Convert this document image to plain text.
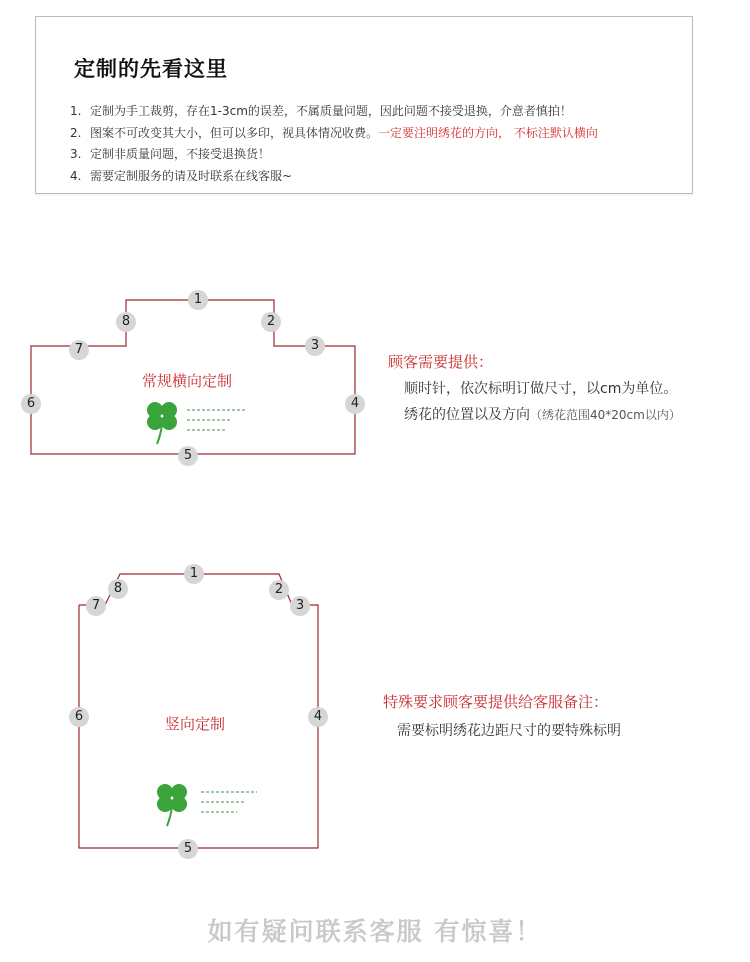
定制的先看这里
1. 定制为手工裁剪，存在1-3cm的误差，不属质量问题，因此问题不接受退换，介意者慎拍！
2. 图案不可改变其大小，但可以多印，视具体情况收费。一定要注明绣花的方向， 不标注默认横向
3. 定制非质量问题，不接受退换货！
4. 需要定制服务的请及时联系在线客服~
1
2
3
4
5
6
7
8
常规横向定制
顾客需要提供：
顺时针，依次标明订做尺寸，以cm为单位。
绣花的位置以及方向（绣花范围40*20cm以内）
1
2
3
4
5
6
7
8
竖向定制
特殊要求顾客要提供给客服备注：
需要标明绣花边距尺寸的要特殊标明
如有疑问联系客服 有惊喜！
